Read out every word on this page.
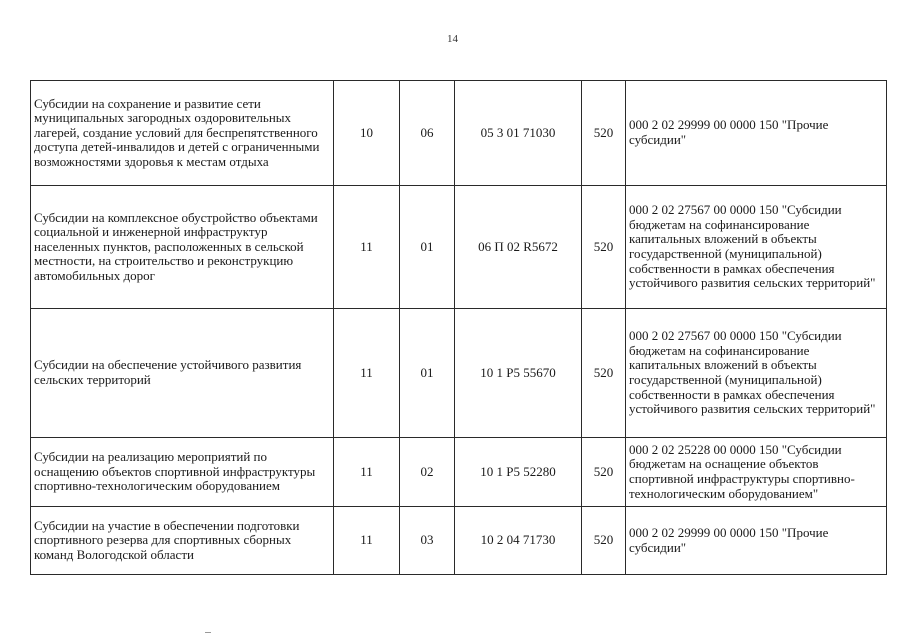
14
Субсидии на сохранение и развитие сети муниципальных загородных оздоровительных лагерей, создание условий для беспрепятственного доступа детей-инвалидов и детей с ограниченными возможностями здоровья к местам отдыха	10	06	05 3 01 71030	520	000 2 02 29999 00 0000 150 "Прочие субсидии"
Субсидии на комплексное обустройство объектами социальной и инженерной инфраструктур населенных пунктов, расположенных в сельской местности, на строительство и реконструкцию автомобильных дорог	11	01	06 П 02 R5672	520	000 2 02 27567 00 0000 150 "Субсидии бюджетам на софинансирование капитальных вложений в объекты государственной (муниципальной) собственности в рамках обеспечения устойчивого развития сельских территорий"
Субсидии на обеспечение устойчивого развития сельских территорий	11	01	10 1 Р5 55670	520	000 2 02 27567 00 0000 150 "Субсидии бюджетам на софинансирование капитальных вложений в объекты государственной (муниципальной) собственности в рамках обеспечения устойчивого развития сельских территорий"
Субсидии на реализацию мероприятий по оснащению объектов спортивной инфраструктуры спортивно-технологическим оборудованием	11	02	10 1 Р5 52280	520	000 2 02 25228 00 0000 150 "Субсидии бюджетам на оснащение объектов спортивной инфраструктуры спортивно-технологическим оборудованием"
Субсидии на участие в обеспечении подготовки спортивного резерва для спортивных сборных команд Вологодской области	11	03	10 2 04 71730	520	000 2 02 29999 00 0000 150 "Прочие субсидии"
